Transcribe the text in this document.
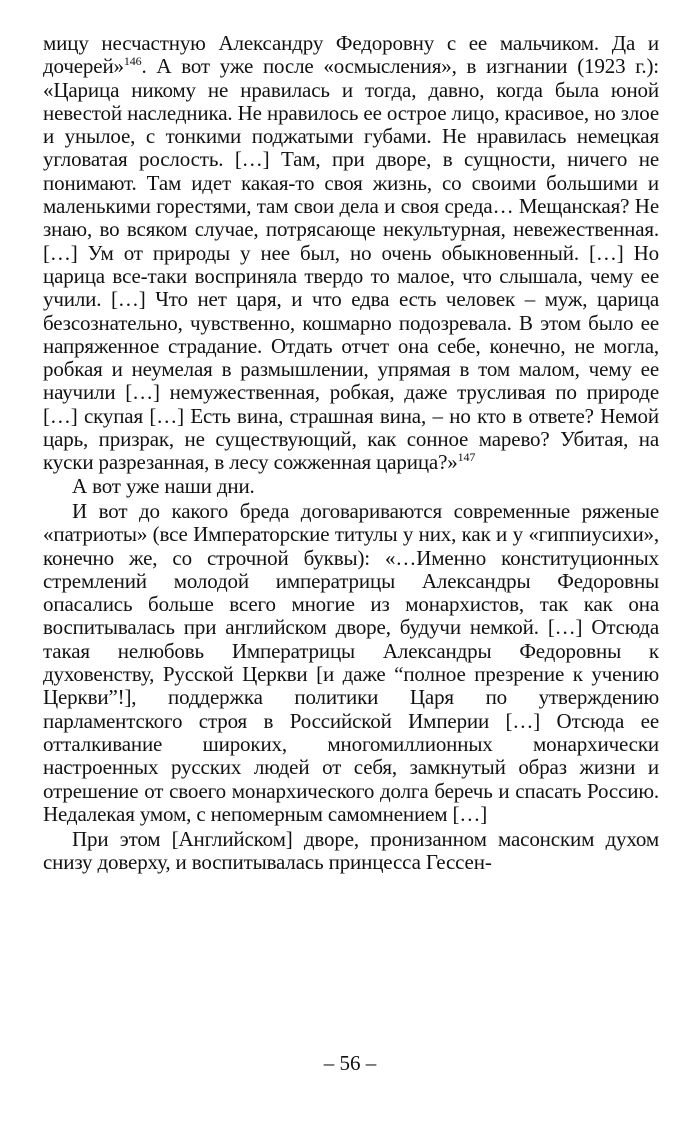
мицу несчастную Александру Федоровну с ее мальчиком. Да и дочерей»$^{146}$. А вот уже после «осмысления», в изгнании (1923 г.): «Царица никому не нравилась и тогда, давно, когда была юной невестой наследника. Не нравилось ее острое лицо, красивое, но злое и унылое, с тонкими поджатыми губами. Не нравилась немецкая угловатая рослость. […] Там, при дворе, в сущности, ничего не понимают. Там идет какая-то своя жизнь, со своими большими и маленькими горестями, там свои дела и своя среда… Мещанская? Не знаю, во всяком случае, потрясающе некультурная, невежественная. […] Ум от природы у нее был, но очень обыкновенный. […] Но царица все-таки восприняла твердо то малое, что слышала, чему ее учили. […] Что нет царя, и что едва есть человек – муж, царица безсознательно, чувственно, кошмарно подозревала. В этом было ее напряженное страдание. Отдать отчет она себе, конечно, не могла, робкая и неумелая в размышлении, упрямая в том малом, чему ее научили […] немужественная, робкая, даже трусливая по природе […] скупая […] Есть вина, страшная вина, – но кто в ответе? Немой царь, призрак, не существующий, как сонное марево? Убитая, на куски разрезанная, в лесу сожженная царица?»$^{147}$

А вот уже наши дни.

И вот до какого бреда договариваются современные ряженые «патриоты» (все Императорские титулы у них, как и у «гиппиусихи», конечно же, со строчной буквы): «…Именно конституционных стремлений молодой императрицы Александры Федоровны опасались больше всего многие из монархистов, так как она воспитывалась при английском дворе, будучи немкой. […] Отсюда такая нелюбовь Императрицы Александры Федоровны к духовенству, Русской Церкви [и даже “полное презрение к учению Церкви”!], поддержка политики Царя по утверждению парламентского строя в Российской Империи […] Отсюда ее отталкивание широких, многомиллионных монархически настроенных русских людей от себя, замкнутый образ жизни и отрешение от своего монархического долга беречь и спасать Россию. Недалекая умом, с непомерным самомнением […]

При этом [Английском] дворе, пронизанном масонским духом снизу доверху, и воспитывалась принцесса Гессен-

– 56 –
